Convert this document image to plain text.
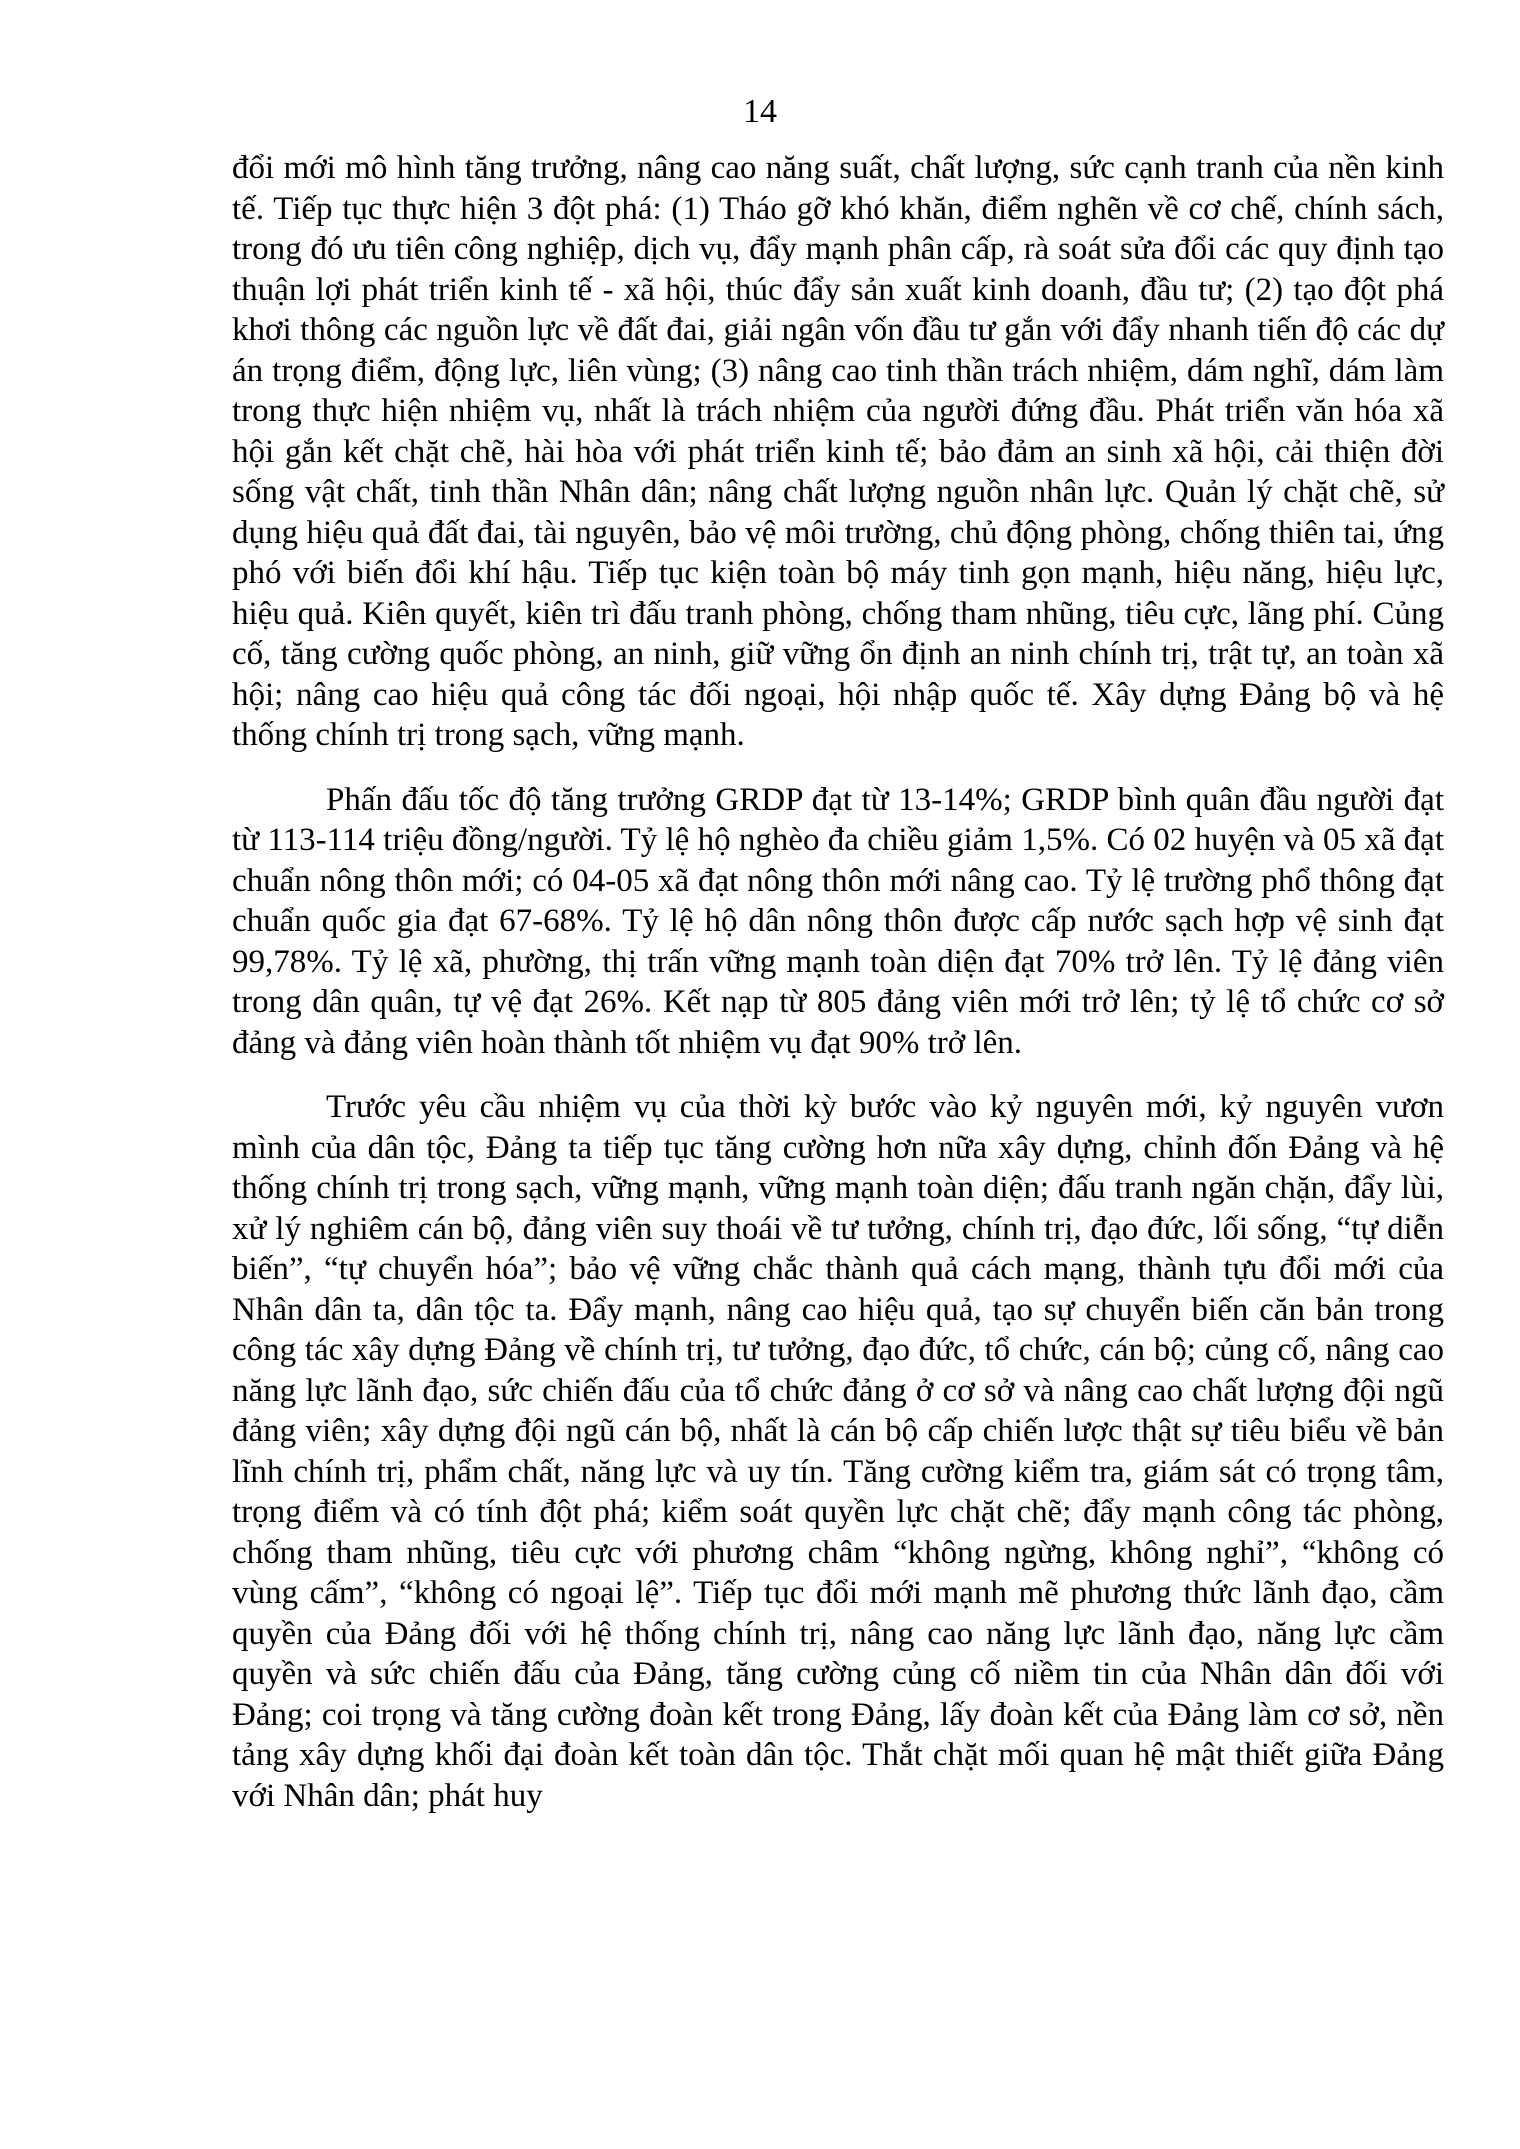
14

đổi mới mô hình tăng trưởng, nâng cao năng suất, chất lượng, sức cạnh tranh của nền kinh tế. Tiếp tục thực hiện 3 đột phá: (1) Tháo gỡ khó khăn, điểm nghẽn về cơ chế, chính sách, trong đó ưu tiên công nghiệp, dịch vụ, đẩy mạnh phân cấp, rà soát sửa đổi các quy định tạo thuận lợi phát triển kinh tế - xã hội, thúc đẩy sản xuất kinh doanh, đầu tư; (2) tạo đột phá khơi thông các nguồn lực về đất đai, giải ngân vốn đầu tư gắn với đẩy nhanh tiến độ các dự án trọng điểm, động lực, liên vùng; (3) nâng cao tinh thần trách nhiệm, dám nghĩ, dám làm trong thực hiện nhiệm vụ, nhất là trách nhiệm của người đứng đầu. Phát triển văn hóa xã hội gắn kết chặt chẽ, hài hòa với phát triển kinh tế; bảo đảm an sinh xã hội, cải thiện đời sống vật chất, tinh thần Nhân dân; nâng chất lượng nguồn nhân lực. Quản lý chặt chẽ, sử dụng hiệu quả đất đai, tài nguyên, bảo vệ môi trường, chủ động phòng, chống thiên tai, ứng phó với biến đổi khí hậu. Tiếp tục kiện toàn bộ máy tinh gọn mạnh, hiệu năng, hiệu lực, hiệu quả. Kiên quyết, kiên trì đấu tranh phòng, chống tham nhũng, tiêu cực, lãng phí. Củng cố, tăng cường quốc phòng, an ninh, giữ vững ổn định an ninh chính trị, trật tự, an toàn xã hội; nâng cao hiệu quả công tác đối ngoại, hội nhập quốc tế. Xây dựng Đảng bộ và hệ thống chính trị trong sạch, vững mạnh.

Phấn đấu tốc độ tăng trưởng GRDP đạt từ 13-14%; GRDP bình quân đầu người đạt từ 113-114 triệu đồng/người. Tỷ lệ hộ nghèo đa chiều giảm 1,5%. Có 02 huyện và 05 xã đạt chuẩn nông thôn mới; có 04-05 xã đạt nông thôn mới nâng cao. Tỷ lệ trường phổ thông đạt chuẩn quốc gia đạt 67-68%. Tỷ lệ hộ dân nông thôn được cấp nước sạch hợp vệ sinh đạt 99,78%. Tỷ lệ xã, phường, thị trấn vững mạnh toàn diện đạt 70% trở lên. Tỷ lệ đảng viên trong dân quân, tự vệ đạt 26%. Kết nạp từ 805 đảng viên mới trở lên; tỷ lệ tổ chức cơ sở đảng và đảng viên hoàn thành tốt nhiệm vụ đạt 90% trở lên.

Trước yêu cầu nhiệm vụ của thời kỳ bước vào kỷ nguyên mới, kỷ nguyên vươn mình của dân tộc, Đảng ta tiếp tục tăng cường hơn nữa xây dựng, chỉnh đốn Đảng và hệ thống chính trị trong sạch, vững mạnh, vững mạnh toàn diện; đấu tranh ngăn chặn, đẩy lùi, xử lý nghiêm cán bộ, đảng viên suy thoái về tư tưởng, chính trị, đạo đức, lối sống, “tự diễn biến”, “tự chuyển hóa”; bảo vệ vững chắc thành quả cách mạng, thành tựu đổi mới của Nhân dân ta, dân tộc ta. Đẩy mạnh, nâng cao hiệu quả, tạo sự chuyển biến căn bản trong công tác xây dựng Đảng về chính trị, tư tưởng, đạo đức, tổ chức, cán bộ; củng cố, nâng cao năng lực lãnh đạo, sức chiến đấu của tổ chức đảng ở cơ sở và nâng cao chất lượng đội ngũ đảng viên; xây dựng đội ngũ cán bộ, nhất là cán bộ cấp chiến lược thật sự tiêu biểu về bản lĩnh chính trị, phẩm chất, năng lực và uy tín. Tăng cường kiểm tra, giám sát có trọng tâm, trọng điểm và có tính đột phá; kiểm soát quyền lực chặt chẽ; đẩy mạnh công tác phòng, chống tham nhũng, tiêu cực với phương châm “không ngừng, không nghỉ”, “không có vùng cấm”, “không có ngoại lệ”. Tiếp tục đổi mới mạnh mẽ phương thức lãnh đạo, cầm quyền của Đảng đối với hệ thống chính trị, nâng cao năng lực lãnh đạo, năng lực cầm quyền và sức chiến đấu của Đảng, tăng cường củng cố niềm tin của Nhân dân đối với Đảng; coi trọng và tăng cường đoàn kết trong Đảng, lấy đoàn kết của Đảng làm cơ sở, nền tảng xây dựng khối đại đoàn kết toàn dân tộc. Thắt chặt mối quan hệ mật thiết giữa Đảng với Nhân dân; phát huy
